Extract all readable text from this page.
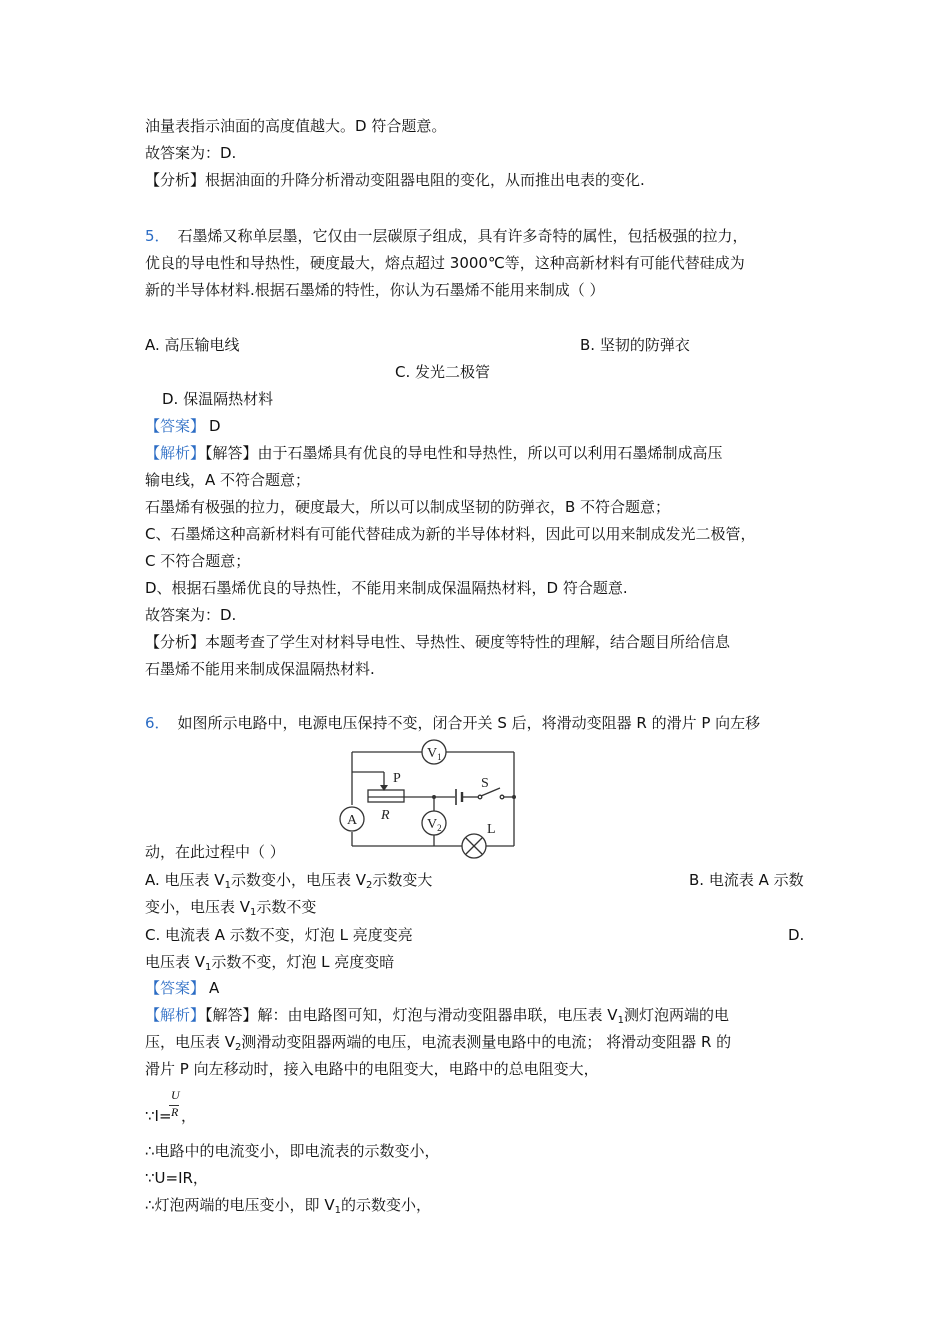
油量表指示油面的高度值越大。D 符合题意。
故答案为：D.
【分析】根据油面的升降分析滑动变阻器电阻的变化，从而推出电表的变化.
5． 石墨烯又称单层墨，它仅由一层碳原子组成，具有许多奇特的属性，包括极强的拉力，
优良的导电性和导热性，硬度最大，熔点超过 3000℃等，这种高新材料有可能代替硅成为
新的半导体材料.根据石墨烯的特性，你认为石墨烯不能用来制成（ ）
A. 高压输电线	B. 坚韧的防弹衣
C. 发光二极管
D. 保温隔热材料
【答案】 D
【解析】【解答】由于石墨烯具有优良的导电性和导热性，所以可以利用石墨烯制成高压
输电线，A 不符合题意；
石墨烯有极强的拉力，硬度最大，所以可以制成坚韧的防弹衣，B 不符合题意；
C、石墨烯这种高新材料有可能代替硅成为新的半导体材料，因此可以用来制成发光二极管，
C 不符合题意；
D、根据石墨烯优良的导热性，不能用来制成保温隔热材料，D 符合题意.
故答案为：D.
【分析】本题考查了学生对材料导电性、导热性、硬度等特性的理解，结合题目所给信息
石墨烯不能用来制成保温隔热材料.
6． 如图所示电路中，电源电压保持不变，闭合开关 S 后，将滑动变阻器 R 的滑片 P 向左移
$V_1$
A	$V_2$
P
R
S
L
动，在此过程中（ ）
A. 电压表 $V_1$示数变小，电压表 $V_2$示数变大	B. 电流表 A 示数
变小，电压表 $V_1$示数不变
C. 电流表 A 示数不变，灯泡 L 亮度变亮	D.
电压表 $V_1$示数不变，灯泡 L 亮度变暗
【答案】 A
【解析】【解答】解：由电路图可知，灯泡与滑动变阻器串联，电压表 $V_1$测灯泡两端的电
压，电压表 $V_2$测滑动变阻器两端的电压，电流表测量电路中的电流； 将滑动变阻器 R 的
滑片 P 向左移动时，接入电路中的电阻变大，电路中的总电阻变大，
∵I=
U
R ，
∴电路中的电流变小，即电流表的示数变小，
∵U=IR，
∴灯泡两端的电压变小，即 $V_1$的示数变小，
